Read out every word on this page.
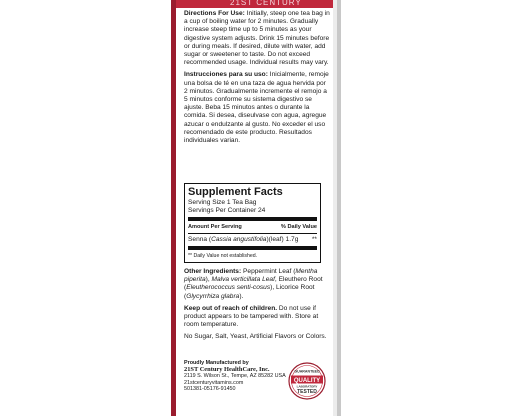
21ST CENTURY

Directions For Use: Initially, steep one tea bag in a cup of boiling water for 2 minutes. Gradually increase steep time up to 5 minutes as your digestive system adjusts. Drink 15 minutes before or during meals. If desired, dilute with water, add sugar or sweetener to taste. Do not exceed recommended usage. Individual results may vary.

Instrucciones para su uso: Inicialmente, remoje una bolsa de té en una taza de agua hervida por 2 minutos. Gradualmente incremente el remojo a 5 minutos conforme su sistema digestivo se ajuste. Beba 15 minutos antes o durante la comida. Si desea, diseulvase con agua, agregue azucar o endulzante al gusto. No exceder el uso recomendado de este producto. Resultados individuales varian.

Supplement Facts
Serving Size 1 Tea Bag
Servings Per Container 24
Amount Per Serving	% Daily Value
Senna (Cassia angustifolia)(leaf) 1.7g **
** Daily Value not established.

Other Ingredients: Peppermint Leaf (Mentha piperita), Malva verticillata Leaf, Eleuthero Root (Eleutherococcus senti-cosus), Licorice Root (Glycyrrhiza glabra).

Keep out of reach of children. Do not use if product appears to be tampered with. Store at room temperature.

No Sugar, Salt, Yeast, Artificial Flavors or Colors.

Proudly Manufactured by
21ST Century HealthCare, Inc.
2119 S. Wilson St., Tempe, AZ 85282 USA
21stcenturyvitamins.com
501381-05176-91450
GUARANTEED
QUALITY
LABORATORY
TESTED
